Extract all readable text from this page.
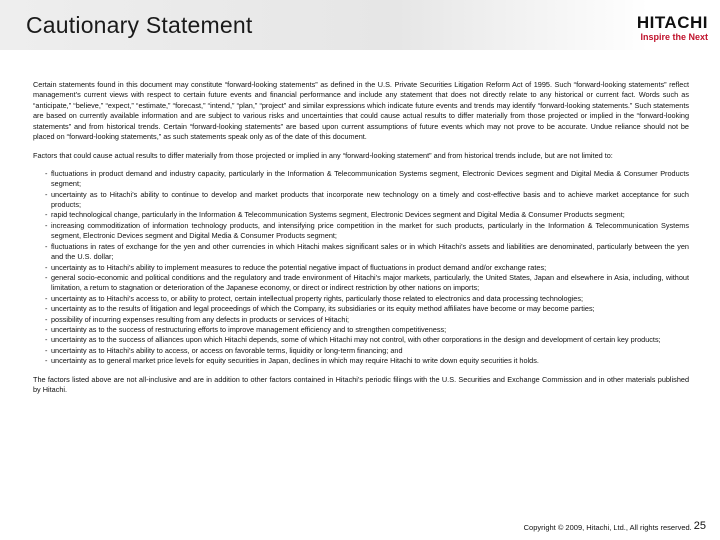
Cautionary Statement	HITACHI
Inspire the Next

Certain statements found in this document may constitute “forward-looking statements” as defined in the U.S. Private Securities Litigation Reform Act of 1995. Such “forward-looking statements” reflect management’s current views with respect to certain future events and financial performance and include any statement that does not directly relate to any historical or current fact. Words such as “anticipate,” “believe,” “expect,” “estimate,” “forecast,” “intend,” “plan,” “project” and similar expressions which indicate future events and trends may identify “forward-looking statements.” Such statements are based on currently available information and are subject to various risks and uncertainties that could cause actual results to differ materially from those projected or implied in the “forward-looking statements” and from historical trends. Certain “forward-looking statements” are based upon current assumptions of future events which may not prove to be accurate. Undue reliance should not be placed on “forward-looking statements,” as such statements speak only as of the date of this document.

Factors that could cause actual results to differ materially from those projected or implied in any “forward-looking statement” and from historical trends include, but are not limited to:

- fluctuations in product demand and industry capacity, particularly in the Information & Telecommunication Systems segment, Electronic Devices segment and Digital Media & Consumer Products segment;
- uncertainty as to Hitachi’s ability to continue to develop and market products that incorporate new technology on a timely and cost-effective basis and to achieve market acceptance for such products;
- rapid technological change, particularly in the Information & Telecommunication Systems segment, Electronic Devices segment and Digital Media & Consumer Products segment;
- increasing commoditization of information technology products, and intensifying price competition in the market for such products, particularly in the Information & Telecommunication Systems segment, Electronic Devices segment and Digital Media & Consumer Products segment;
- fluctuations in rates of exchange for the yen and other currencies in which Hitachi makes significant sales or in which Hitachi’s assets and liabilities are denominated, particularly between the yen and the U.S. dollar;
- uncertainty as to Hitachi’s ability to implement measures to reduce the potential negative impact of fluctuations in product demand and/or exchange rates;
- general socio-economic and political conditions and the regulatory and trade environment of Hitachi’s major markets, particularly, the United States, Japan and elsewhere in Asia, including, without limitation, a return to stagnation or deterioration of the Japanese economy, or direct or indirect restriction by other nations on imports;
- uncertainty as to Hitachi’s access to, or ability to protect, certain intellectual property rights, particularly those related to electronics and data processing technologies;
- uncertainty as to the results of litigation and legal proceedings of which the Company, its subsidiaries or its equity method affiliates have become or may become parties;
- possibility of incurring expenses resulting from any defects in products or services of Hitachi;
- uncertainty as to the success of restructuring efforts to improve management efficiency and to strengthen competitiveness;
- uncertainty as to the success of alliances upon which Hitachi depends, some of which Hitachi may not control, with other corporations in the design and development of certain key products;
- uncertainty as to Hitachi’s ability to access, or access on favorable terms, liquidity or long-term financing; and
- uncertainty as to general market price levels for equity securities in Japan, declines in which may require Hitachi to write down equity securities it holds.

The factors listed above are not all-inclusive and are in addition to other factors contained in Hitachi’s periodic filings with the U.S. Securities and Exchange Commission and in other materials published by Hitachi.

Copyright © 2009, Hitachi, Ltd., All rights reserved. 25
